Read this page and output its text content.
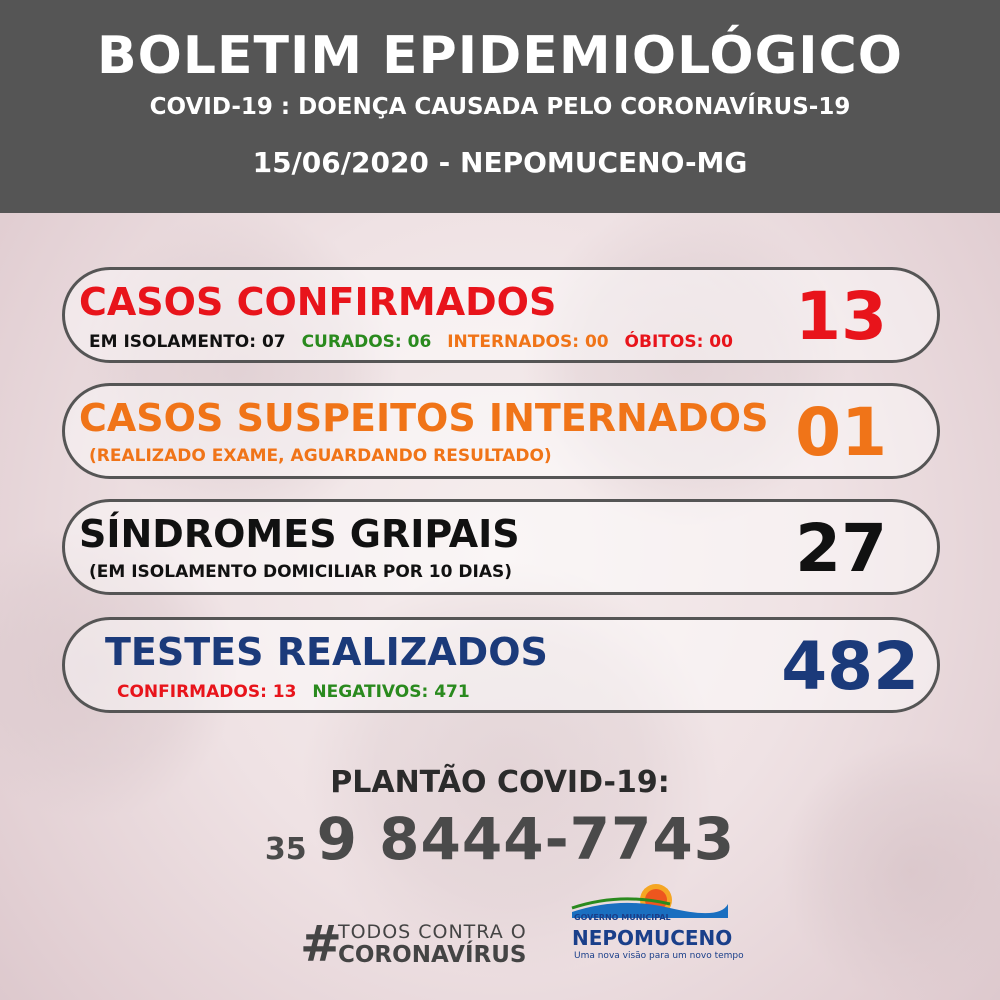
BOLETIM EPIDEMIOLÓGICO
COVID-19 : DOENÇA CAUSADA PELO CORONAVÍRUS-19
15/06/2020 - NEPOMUCENO-MG
CASOS CONFIRMADOS
EM ISOLAMENTO: 07 CURADOS: 06 INTERNADOS: 00 ÓBITOS: 00 13
CASOS SUSPEITOS INTERNADOS
(REALIZADO EXAME, AGUARDANDO RESULTADO)	01
SÍNDROMES GRIPAIS
(EM ISOLAMENTO DOMICILIAR POR 10 DIAS)	27
TESTES REALIZADOS
CONFIRMADOS: 13 NEGATIVOS: 471	482
PLANTÃO COVID-19:
35 9 8444-7743
#
TODOS CONTRA O
CORONAVÍRUS
GOVERNO MUNICIPAL
NEPOMUCENO
Uma nova visão para um novo tempo
